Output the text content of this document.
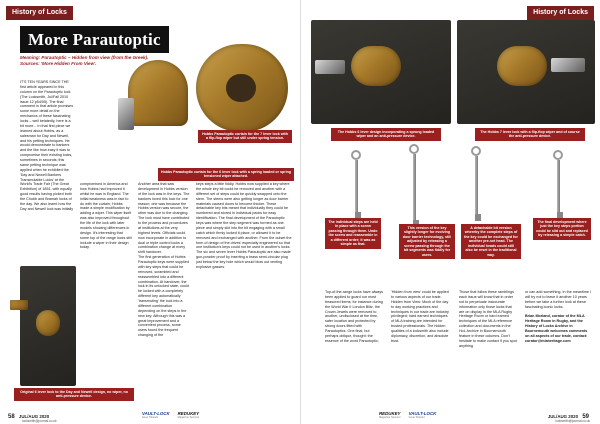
History of Locks
More Parautoptic
Meaning: Parautoptic – Hidden from view (from the Greek). Sources: 'More Hidden From View'.
Hobbs Parautoptic curtain for the 7 lever lock with a flip-flop wiper but still under spring tension.
Hobbs Parautoptic curtain for the 6 lever lock with a spring loaded or spring tensioned wiper attached.
IT'S TEN YEARS SINCE THE first article appeared in this column on the Parautoptic lock (The Locksmith, Jul/Fall 2010 issue 12 p54/55). The final comment in that article promises some more detail on the mechanics of these fascinating locks – well belatedly, here is a bit more... In that first piece we learned about Hobbs, as a salesman for Day and Newell, and his petting techniques. He would demonstrate to bankers and the like how easy it was to compromise their existing locks, sometimes in seconds; this same petting technique was applied when he exhibited the 'Day and Newell Bankers Transmutable Locks' at the World's Trade Fair (The Great Exhibition) of 1851, with equally good results having picked both the Chubb and Bramah locks of the day. We also learnt how the Day and Newell lock was initially
compromised in America and how Hobbs had improved it whilst he was in England. The initial weakness was in fact to do with the curtain; Hobbs made a simple modification by adding a wiper. This wiper itself was also improved throughout the life of the lock with later models showing differences in design. It's interesting that some top of the range locks still include a wiper in their design today.
Another area that saw development in Hobbs version of the lock was in the keys. The bankers loved this lock for one reason; one was because the Hobbs version was secure, the other was due to the changing. The lock must have contributed to the process and procedures at institutions at the very highest levels. Officials could now incorporate in addition to dual or triple control locks a combination change at every shift handover.
The first generation of Hobbs Parautoptic keys were supplied with key steps that could be removed, scrambled and reassembled into a different combination. At handover, the lock in its unlocked state, could be locked with a completely different key automatically 'transmuting' the lock into a different combination depending on the steps in the new key. Although this was a great improvement and a convenient process, some users found the frequent changing of the
keys steps a little fiddly. Hobbs now supplied a key where the whole key bit could be removed and another with a different set of steps could be quickly swapped onto the stem. The stems were also getting longer as door barrier materials caused doors to become thicker. These detachable key bits meant that individually they could be numbered and stored in individual packs for easy identification. The final development of the Parautoptic keys was where the step segment was formed as one piece and simply slid into the bit engaging with a small catch which firmly locked it place, or allowed it to be removed and exchanged with another. From the outset the form of design of the drives' especially engineered so that one institution's keys could not be used in another's locks. The six and seven lever Hobbs Parautoptic are also made gun-powder proof by inserting a brass semi-circular plug just below the key hole which would blow out venting explosive gasses.
Original 6 lever lock to the Day and Newell design, no wiper, no anti-pressure device.
58 JUL/AUG 2020
locksmith@journal.co.uk
VAULT-LOCK
Issue Tolerant
REDUKEY
Magazine Sponsor
History of Locks
The Hobbs 6 lever design incorporating a sprung loaded wiper and an anti-pressure device.
The Hobbs 7 lever lock with a flip-flop wiper and of course the anti-pressure device.
The individual steps are held in place with a screw passing through them. Undo the screw and reassemble in a different order; it was as simple as that.
This version of the key slightly longer for evolving door barrier technology, still adjusted by releasing a screw passing through the bit segments was fiddly for users.
A detachable bit version whereby the complete steps of the key could be exchanged for another pre-set head. The individual heads could still also be reset in the traditional way.
The final development where just the key steps portion could be slid out and replaced by releasing a simple catch.
Top-of-the-range locks have always been applied to guard our most treasured items; for instance during the World War II London Blitz, the Crown Jewels were removed to another, undisclosed at the time, safer location and protected by strong doors fitted with Parautoptics. One final, but perhaps oblique, thought: the essence of the word Parautoptic;
'Hidden from view' could be applied to various aspects of our trade. Hidden from View: Much of the day to day working practices and techniques in our trade are industry privileged; hard earned techniques of MLA training are intended for trusted professionals. The hidden qualities of a locksmith also include diplomacy, discretion, and absolute trust.
Those that follow these ramblings each issue will know that in order not to perpetuate inaccurate information only those locks that are on display in the MLA Rugby Heritage Room or hard earned techniques of the MLA reference collection and documents in the HoL Archive in Bournemouth feature in these columns. Don't hesitate to make contact if you spot anything
or can add something. In the meantime I will try not to leave it another 10 years before we take a further look at these fascinating iconic locks.

Brian Morland, curator of the MLA Heritage Room in Rugby, and the History of Locks Archive in Bournemouth welcomes comments on all aspects of our trade, contact: curator@mlaheritage.com
REDUKEY
Magazine Sponsor
VAULT-LOCK
Issue Tolerant	JUL/AUG 2020 59
locksmith@journal.co.uk
